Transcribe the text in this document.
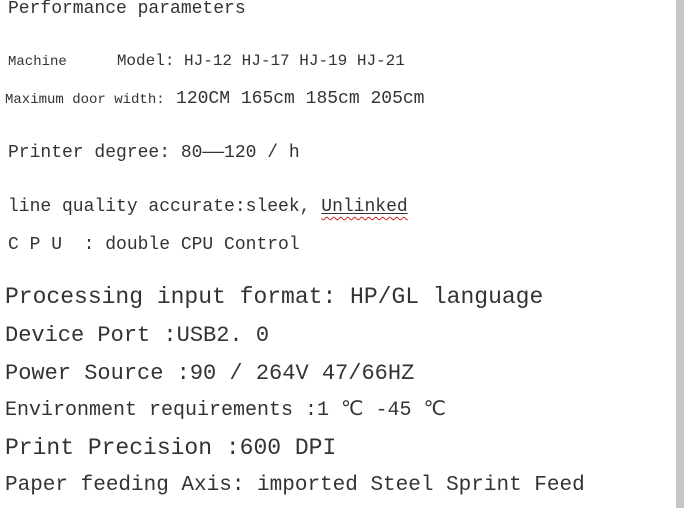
Performance parameters

Machine	Model: HJ-12 HJ-17 HJ-19 HJ-21

Maximum door width: 120CM 165cm 185cm 205cm

Printer degree: 80——120 / h

line quality accurate:sleek, Unlinked

C P U  : double CPU Control

Processing input format: HP/GL language

Device Port :USB2. 0

Power Source :90 / 264V 47/66HZ

Environment requirements :1 ℃ -45 ℃

Print Precision :600 DPI

Paper feeding Axis: imported Steel Sprint Feed
